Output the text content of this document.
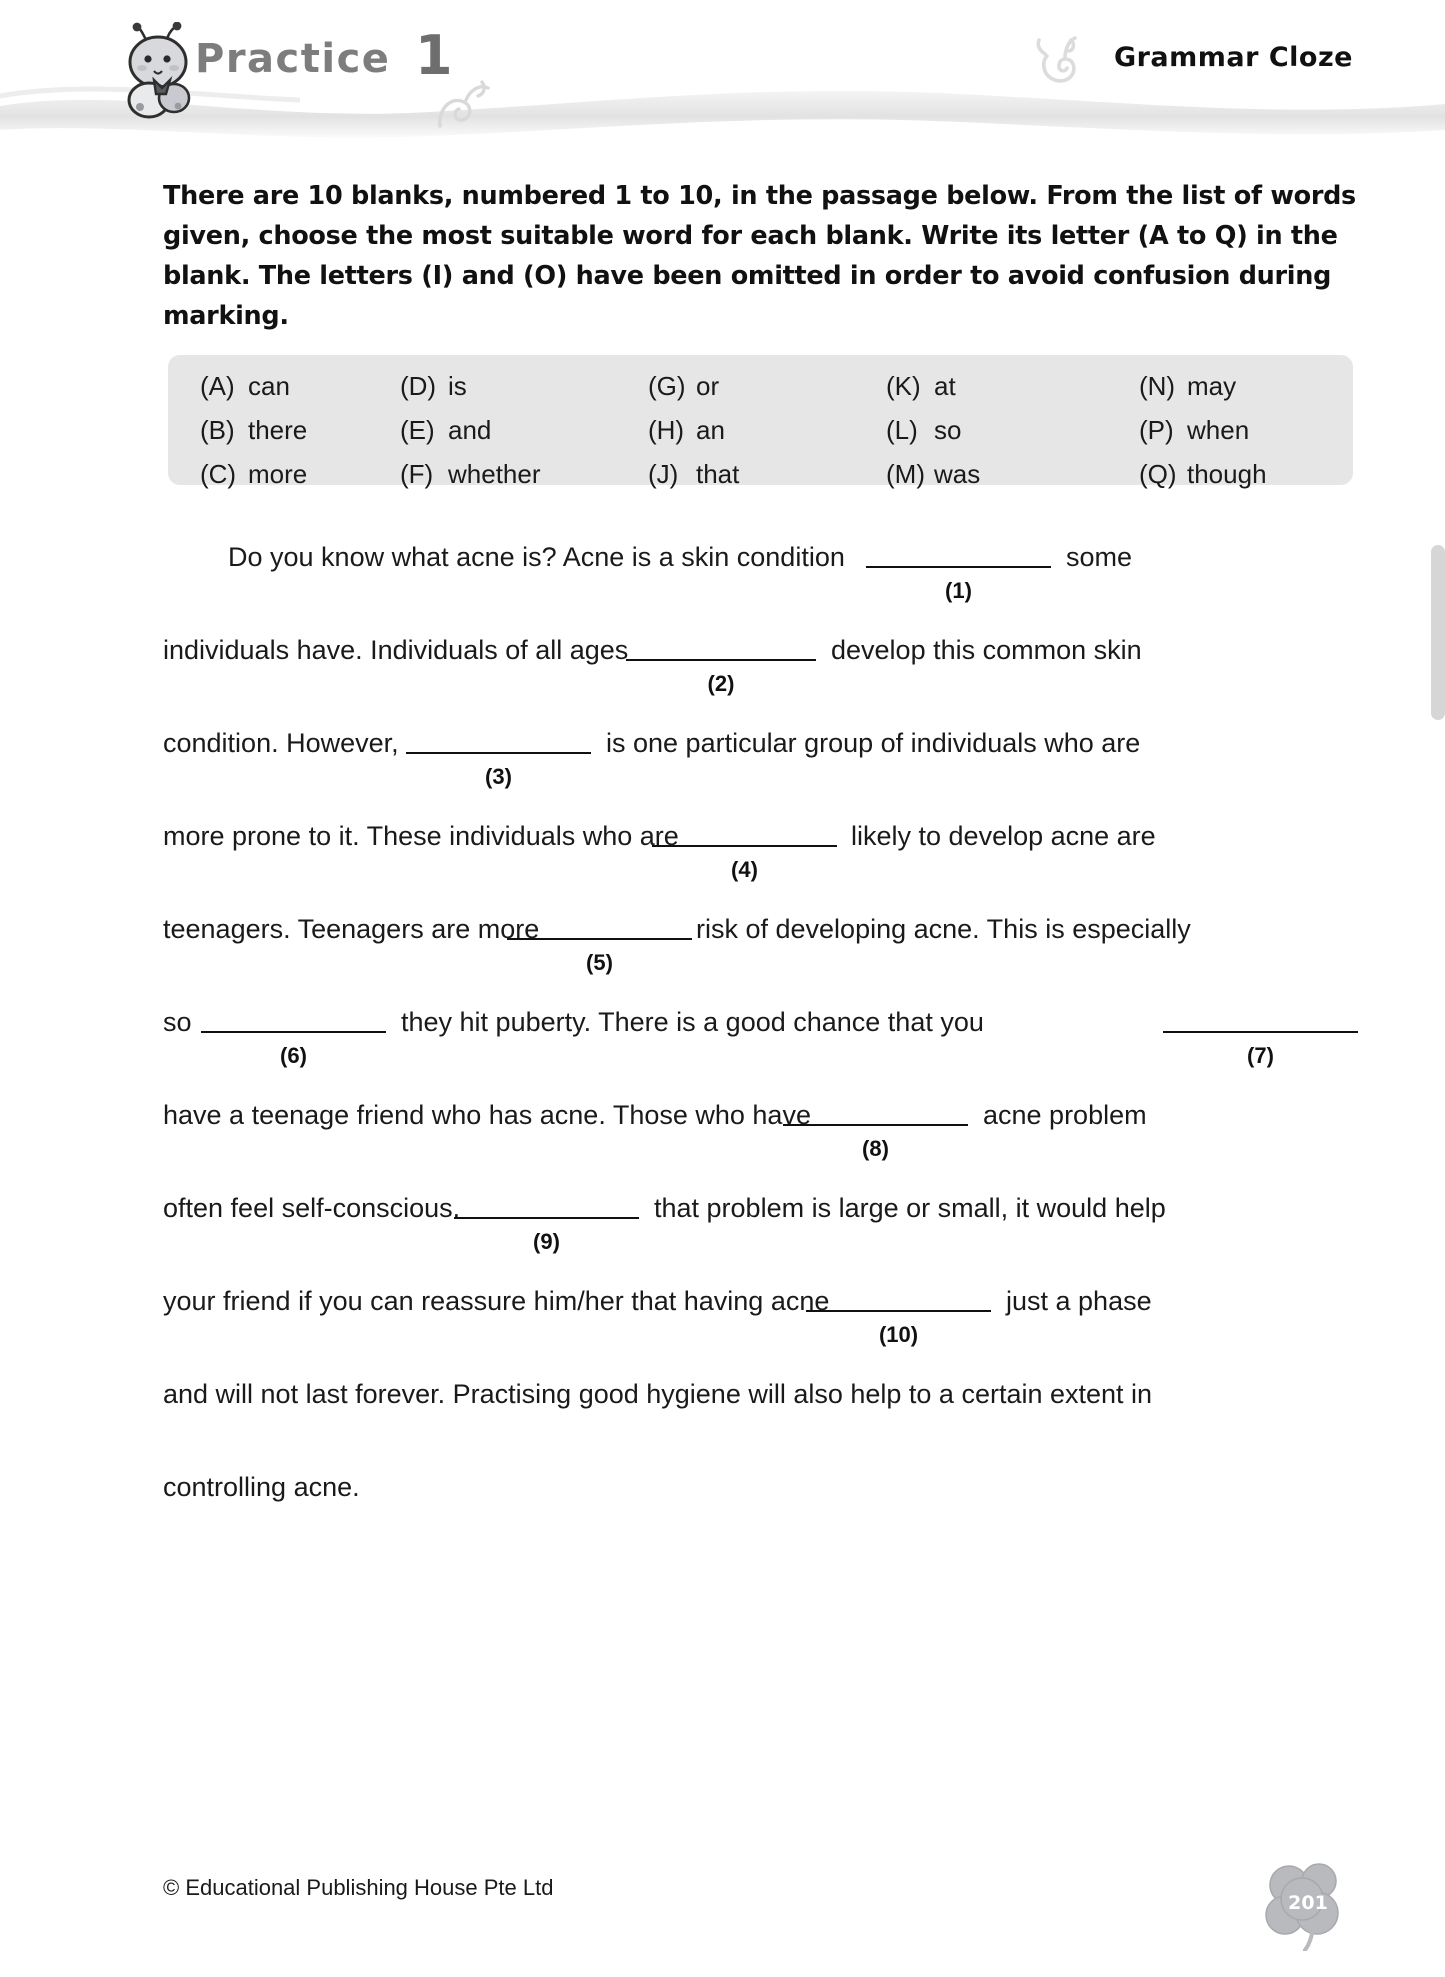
Practice 1	Grammar Cloze
There are 10 blanks, numbered 1 to 10, in the passage below. From the list of words given, choose the most suitable word for each blank. Write its letter (A to Q) in the blank. The letters (I) and (O) have been omitted in order to avoid confusion during marking.
(A) can	(D) is	(G) or	(K) at	(N) may
(B) there	(E) and	(H) an	(L) so	(P) when
(C) more	(F) whether	(J) that	(M) was	(Q) though
Do you know what acne is? Acne is a skin condition
(1)
some
individuals have. Individuals of all ages
(2)
develop this common skin
condition. However,
(3)
is one particular group of individuals who are
more prone to it. These individuals who are
(4)
likely to develop acne are
teenagers. Teenagers are more
(5)
risk of developing acne. This is especially
so
(6)
they hit puberty. There is a good chance that you
(7)
have a teenage friend who has acne. Those who have
(8)
acne problem
often feel self-conscious.
(9)
that problem is large or small, it would help
your friend if you can reassure him/her that having acne
(10)
just a phase
and will not last forever. Practising good hygiene will also help to a certain extent in
controlling acne.
© Educational Publishing House Pte Ltd
201
